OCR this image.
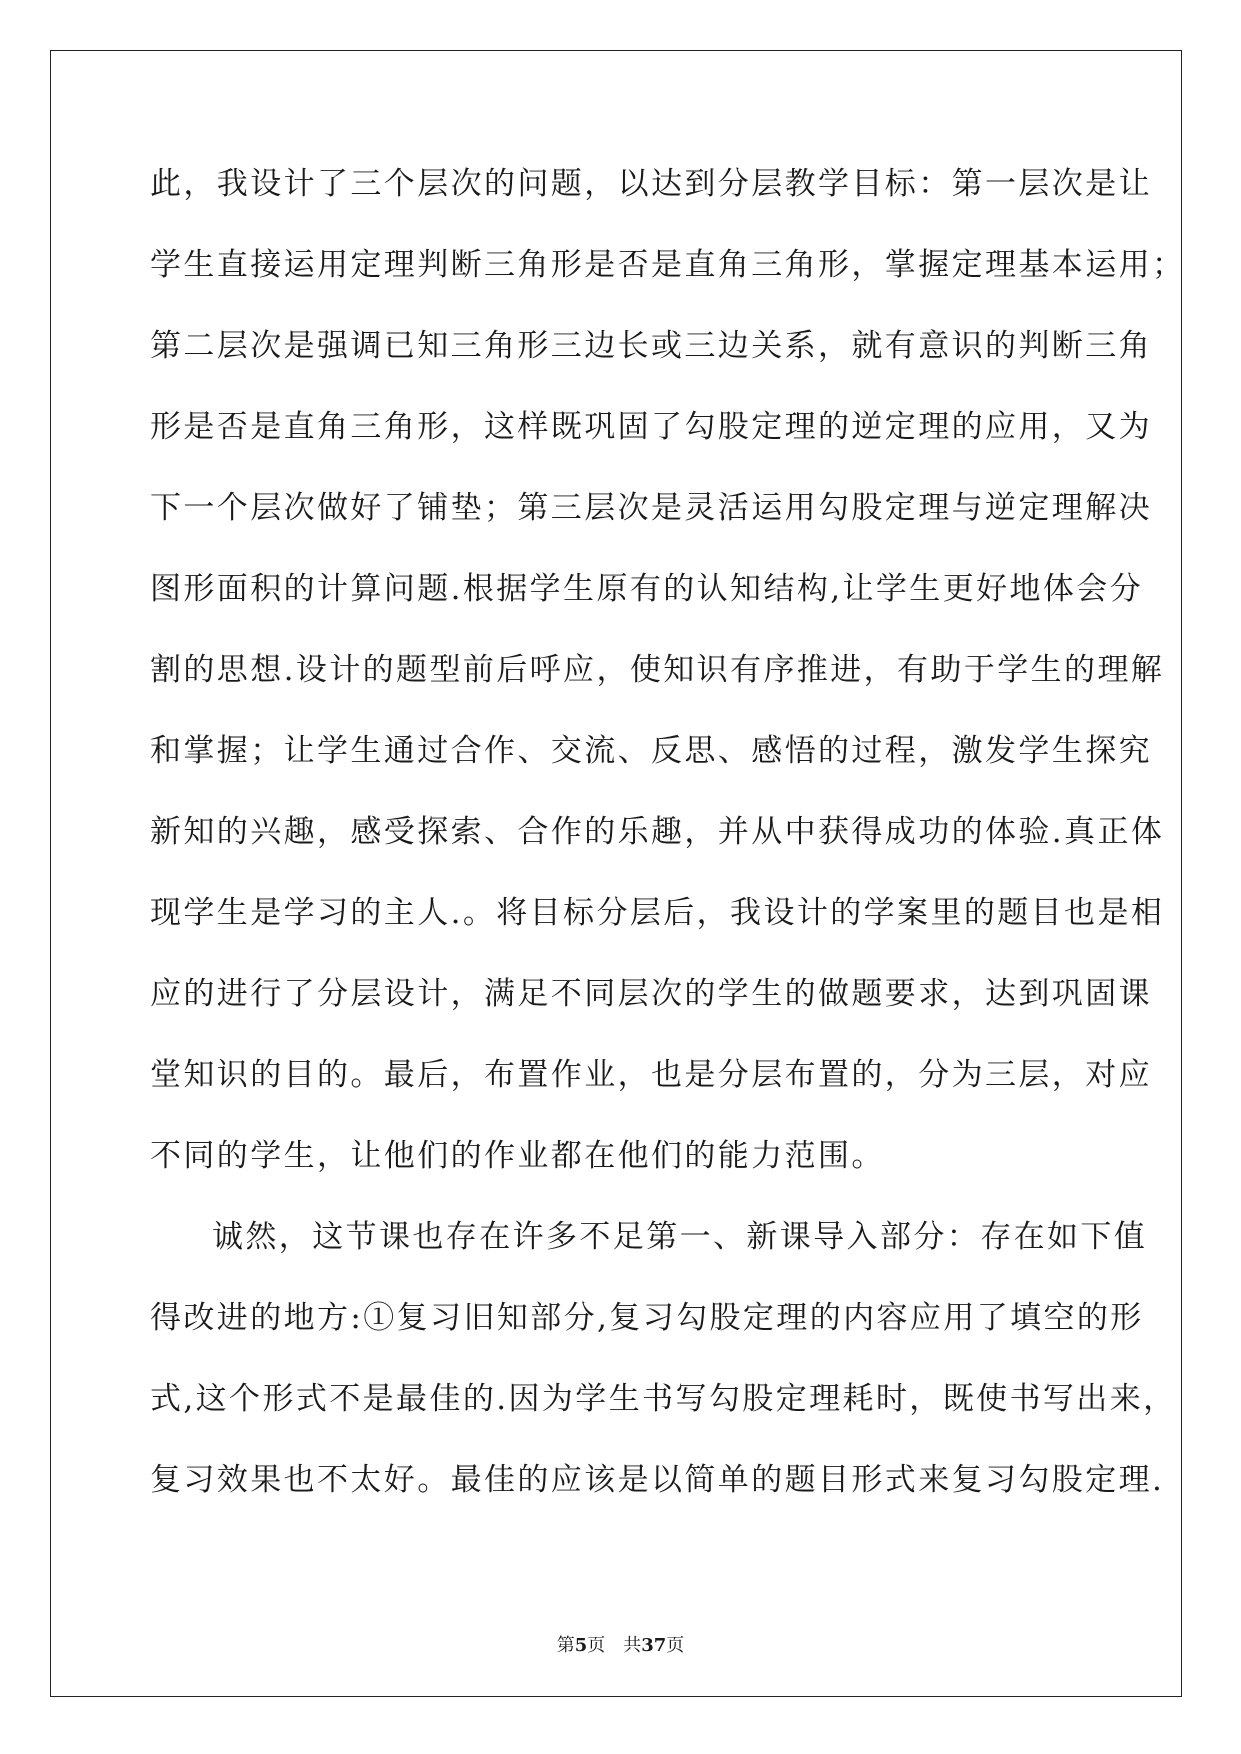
此，我设计了三个层次的问题，以达到分层教学目标：第一层次是让
学生直接运用定理判断三角形是否是直角三角形，掌握定理基本运用；
第二层次是强调已知三角形三边长或三边关系，就有意识的判断三角
形是否是直角三角形，这样既巩固了勾股定理的逆定理的应用，又为
下一个层次做好了铺垫；第三层次是灵活运用勾股定理与逆定理解决
图形面积的计算问题.根据学生原有的认知结构,让学生更好地体会分
割的思想.设计的题型前后呼应，使知识有序推进，有助于学生的理解
和掌握；让学生通过合作、交流、反思、感悟的过程，激发学生探究
新知的兴趣，感受探索、合作的乐趣，并从中获得成功的体验.真正体
现学生是学习的主人.。将目标分层后，我设计的学案里的题目也是相
应的进行了分层设计，满足不同层次的学生的做题要求，达到巩固课
堂知识的目的。最后，布置作业，也是分层布置的，分为三层，对应
不同的学生，让他们的作业都在他们的能力范围。
诚然，这节课也存在许多不足第一、新课导入部分：存在如下值
得改进的地方:①复习旧知部分,复习勾股定理的内容应用了填空的形
式,这个形式不是最佳的.因为学生书写勾股定理耗时，既使书写出来，
复习效果也不太好。最佳的应该是以简单的题目形式来复习勾股定理.
第5页　共37页
